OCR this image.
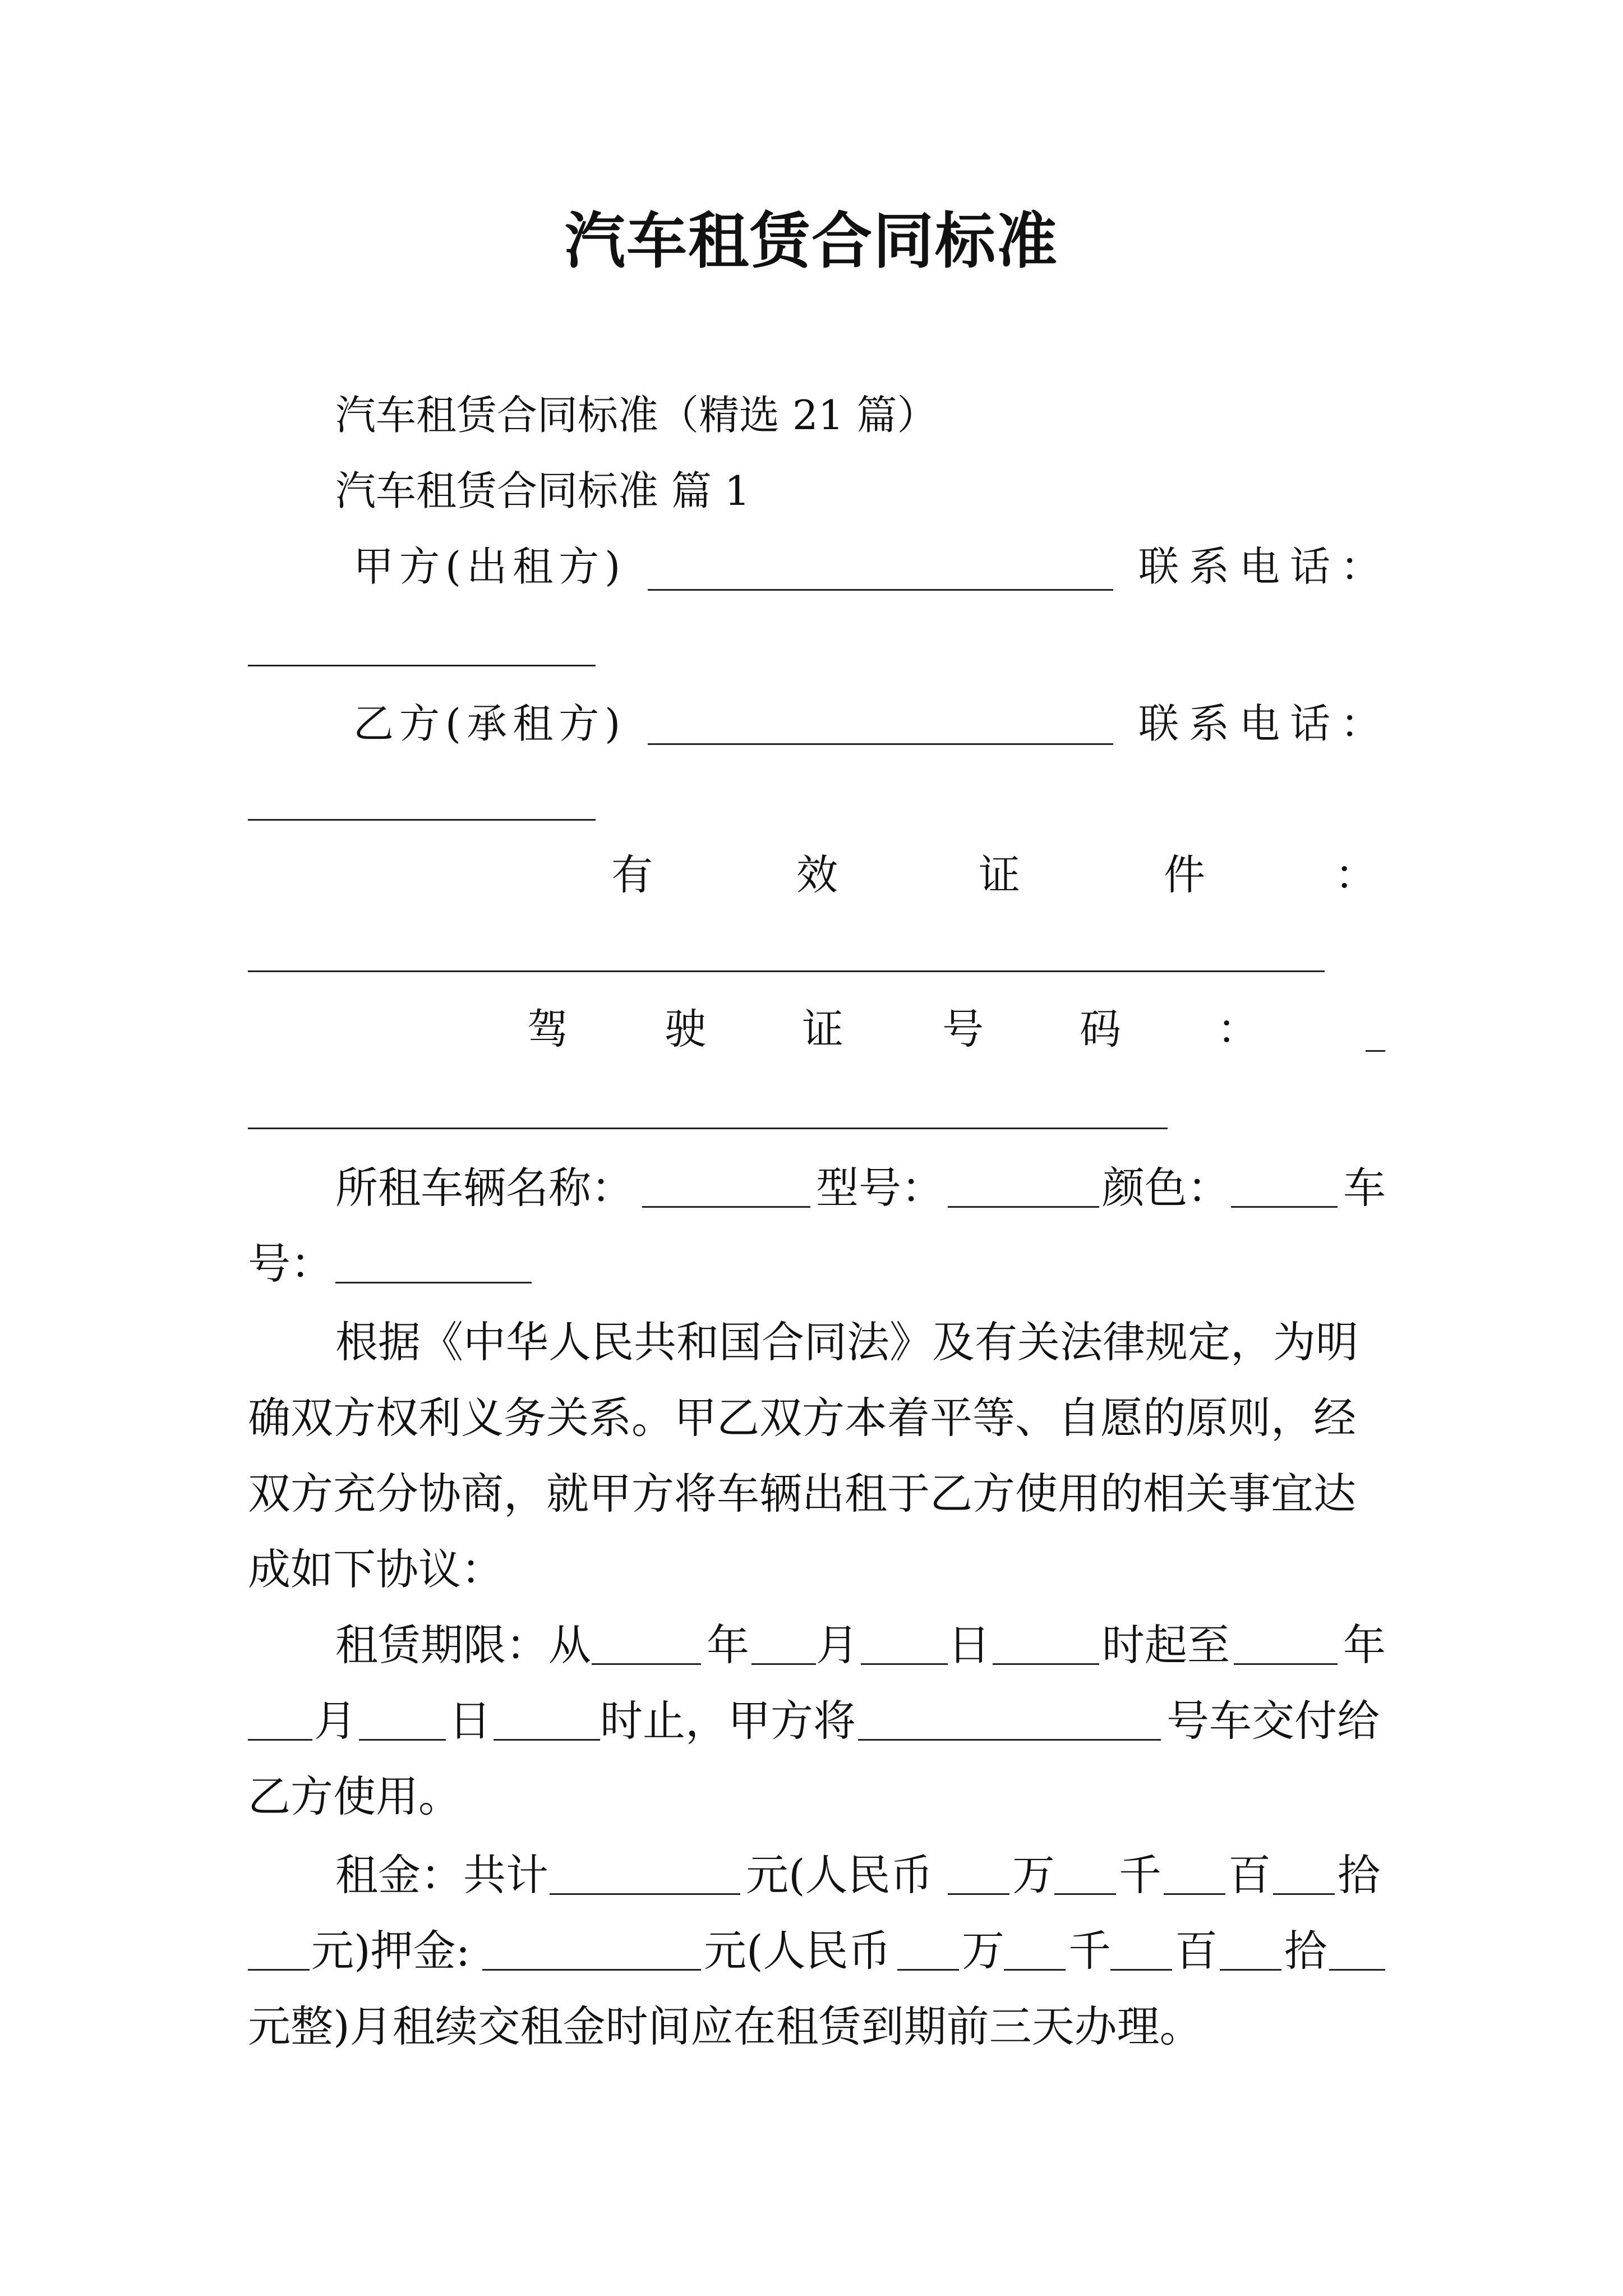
汽车租赁合同标准
汽车租赁合同标准（精选 21 篇）
汽车租赁合同标准 篇 1
甲方(出租方)	联系电话：
乙方(承租方)	联系电话：
有	效	证	件	：
驾 驶 证 号 码 ：
所租车辆名称：	型号：	颜色：	车
号：
根据《中华人民共和国合同法》及有关法律规定，为明
确双方权利义务关系。甲乙双方本着平等、自愿的原则，经
双方充分协商，就甲方将车辆出租于乙方使用的相关事宜达
成如下协议：
租赁期限：从	年 月 日	时起至	年
月 日	时止，甲方将	号车交付给
乙方使用。
租金：共计	元(人民币 万 千 百 拾
元)押金:	元(人民币 万 千 百 拾
元整)月租续交租金时间应在租赁到期前三天办理。
